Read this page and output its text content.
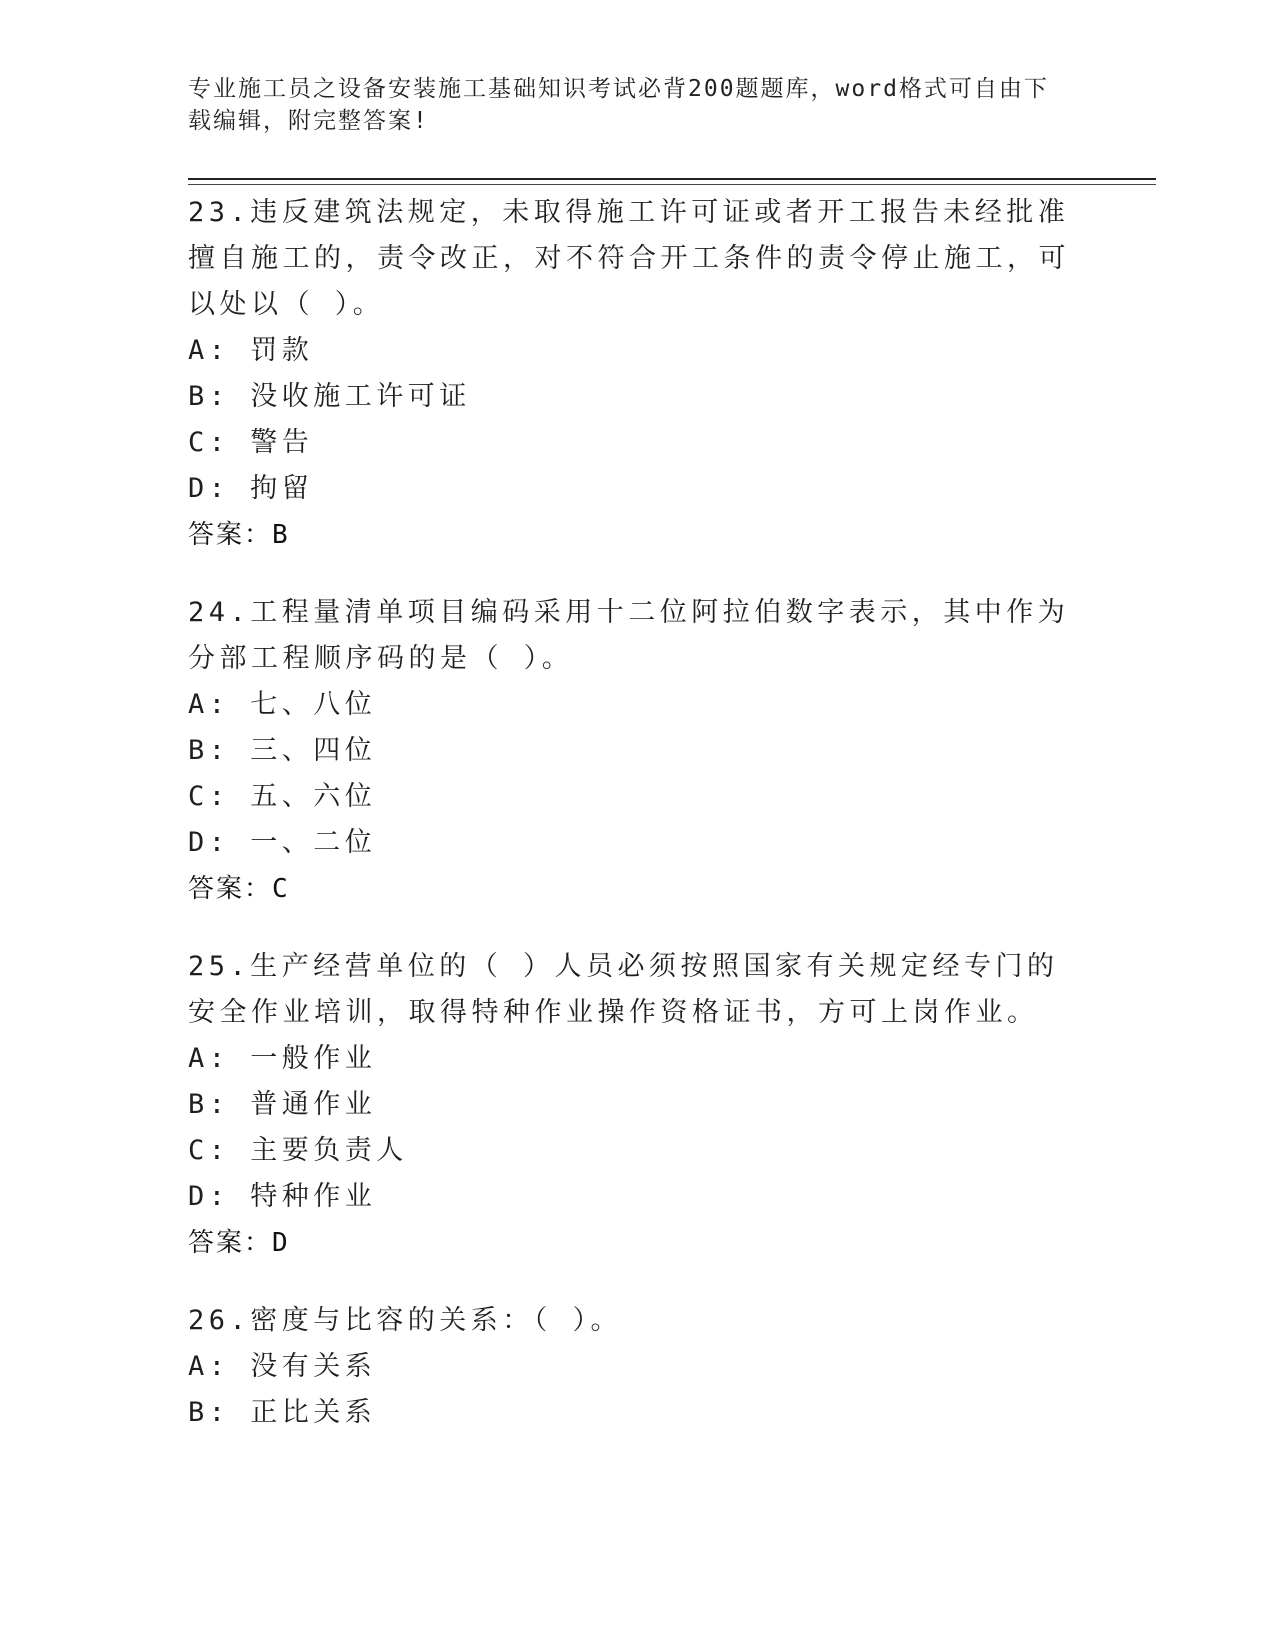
专业施工员之设备安装施工基础知识考试必背200题题库，word格式可自由下载编辑，附完整答案!
23.违反建筑法规定，未取得施工许可证或者开工报告未经批准擅自施工的，责令改正，对不符合开工条件的责令停止施工，可以处以（ ）。
A: 罚款
B: 没收施工许可证
C: 警告
D: 拘留
答案：B
24.工程量清单项目编码采用十二位阿拉伯数字表示，其中作为分部工程顺序码的是（ ）。
A: 七、八位
B: 三、四位
C: 五、六位
D: 一、二位
答案：C
25.生产经营单位的（ ）人员必须按照国家有关规定经专门的安全作业培训，取得特种作业操作资格证书，方可上岗作业。
A: 一般作业
B: 普通作业
C: 主要负责人
D: 特种作业
答案：D
26.密度与比容的关系：（ ）。
A: 没有关系
B: 正比关系
